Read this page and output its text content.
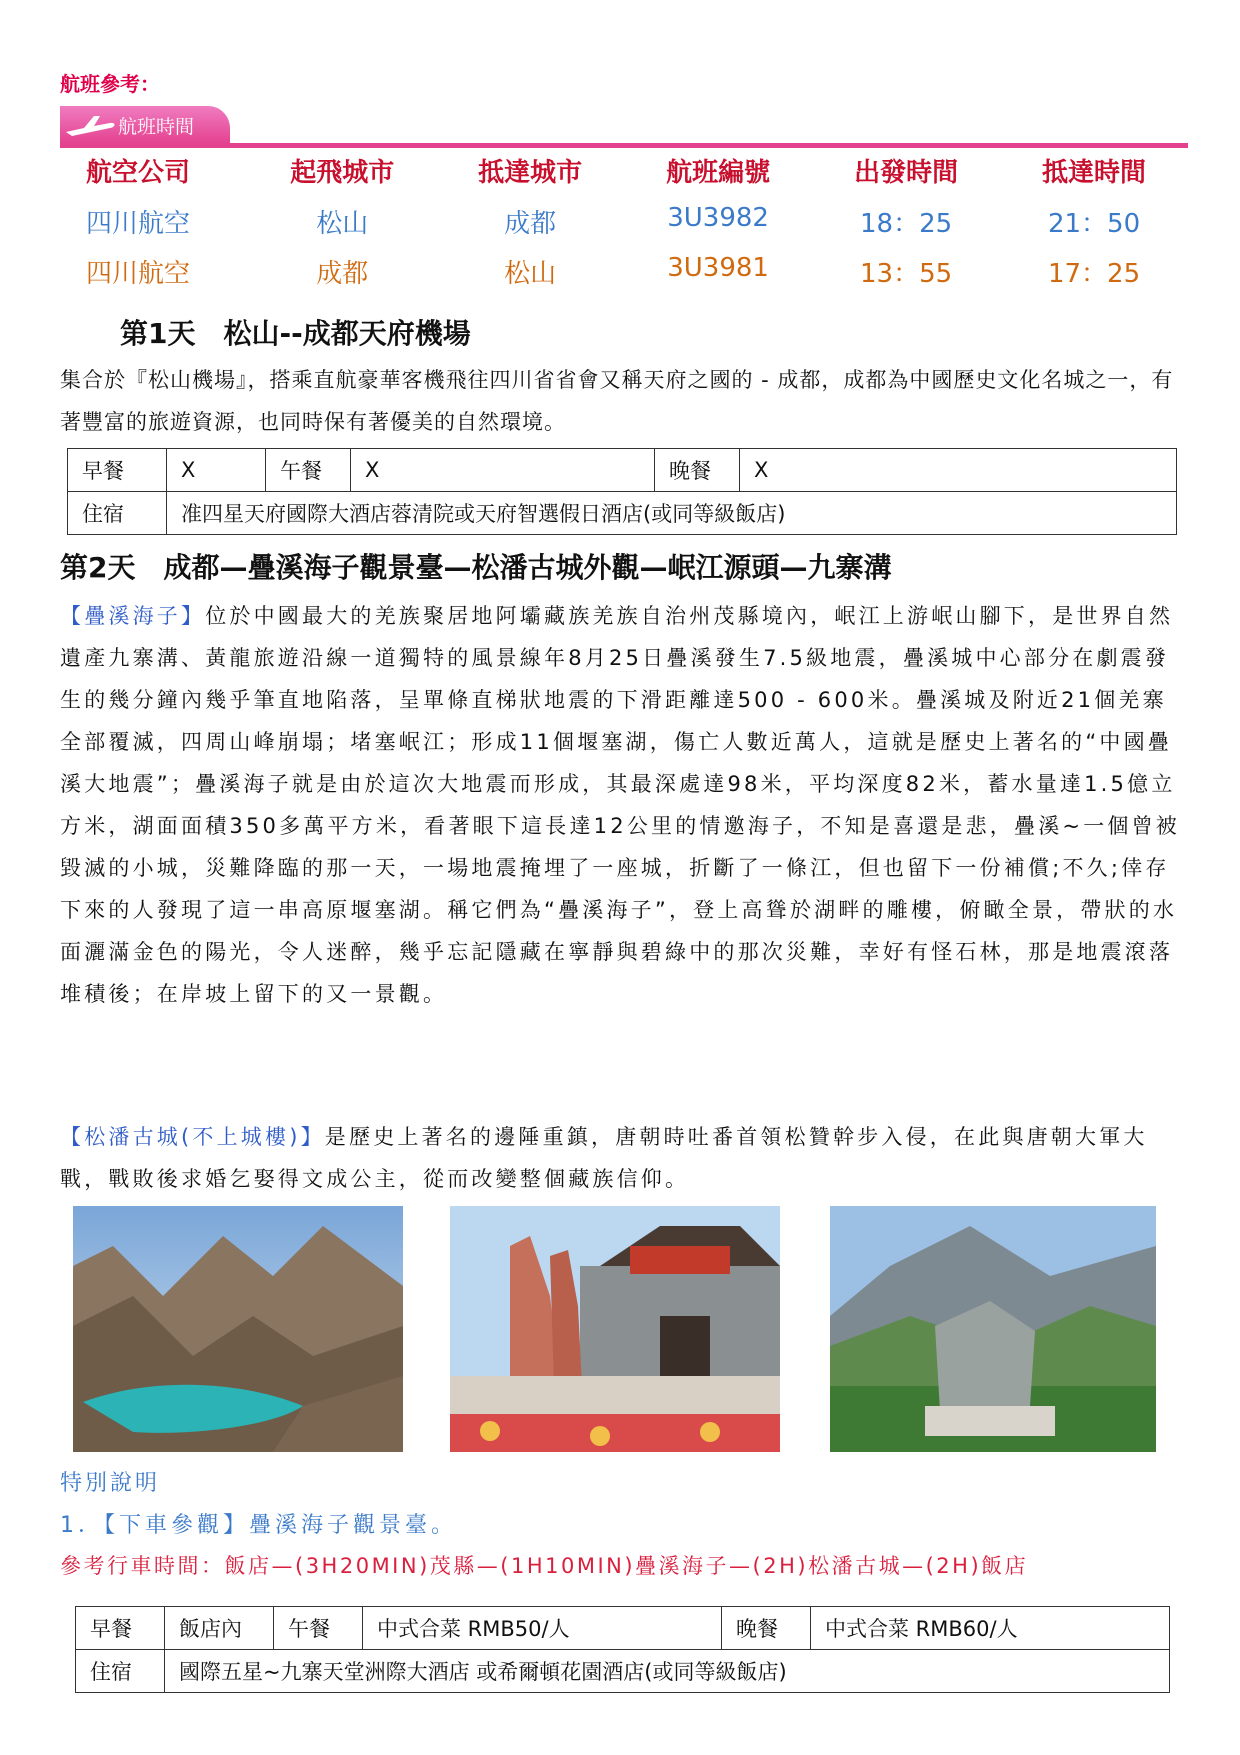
航班參考：
航班時間
航空公司	起飛城市	抵達城市	航班編號	出發時間	抵達時間
四川航空	松山	成都	3U3982	18：25	21：50
四川航空	成都	松山	3U3981	13：55	17：25
第1天　松山--成都天府機場
集合於『松山機場』，搭乘直航豪華客機飛往四川省省會又稱天府之國的 - 成都，成都為中國歷史文化名城之一，有著豐富的旅遊資源，也同時保有著優美的自然環境。
早餐	X	午餐	X	晚餐	X
住宿	准四星天府國際大酒店蓉清院或天府智選假日酒店(或同等級飯店)				
第2天　成都—疊溪海子觀景臺—松潘古城外觀—岷江源頭—九寨溝
【疊溪海子】位於中國最大的羌族聚居地阿壩藏族羌族自治州茂縣境內，岷江上游岷山腳下，是世界自然遺產九寨溝、黃龍旅遊沿線一道獨特的風景線年8月25日疊溪發生7.5級地震，疊溪城中心部分在劇震發生的幾分鐘內幾乎筆直地陷落，呈單條直梯狀地震的下滑距離達500 - 600米。疊溪城及附近21個羌寨全部覆滅，四周山峰崩塌；堵塞岷江；形成11個堰塞湖，傷亡人數近萬人，這就是歷史上著名的“中國疊溪大地震”；疊溪海子就是由於這次大地震而形成，其最深處達98米，平均深度82米，蓄水量達1.5億立方米，湖面面積350多萬平方米，看著眼下這長達12公里的情邀海子，不知是喜還是悲，疊溪~一個曾被毀滅的小城，災難降臨的那一天，一場地震掩埋了一座城，折斷了一條江，但也留下一份補償;不久;倖存下來的人發現了這一串高原堰塞湖。稱它們為“疊溪海子”，登上高聳於湖畔的雕樓，俯瞰全景，帶狀的水面灑滿金色的陽光，令人迷醉，幾乎忘記隱藏在寧靜與碧綠中的那次災難，幸好有怪石林，那是地震滾落堆積後；在岸坡上留下的又一景觀。
【松潘古城(不上城樓)】是歷史上著名的邊陲重鎮，唐朝時吐番首領松贊幹步入侵，在此與唐朝大軍大戰，戰敗後求婚乞娶得文成公主，從而改變整個藏族信仰。
特別說明
1．【下車參觀】疊溪海子觀景臺。
參考行車時間：飯店—(3H20MIN)茂縣—(1H10MIN)疊溪海子—(2H)松潘古城—(2H)飯店
早餐	飯店內	午餐	中式合菜 RMB50/人	晚餐	中式合菜 RMB60/人
住宿	國際五星~九寨天堂洲際大酒店 或希爾頓花園酒店(或同等級飯店)				
